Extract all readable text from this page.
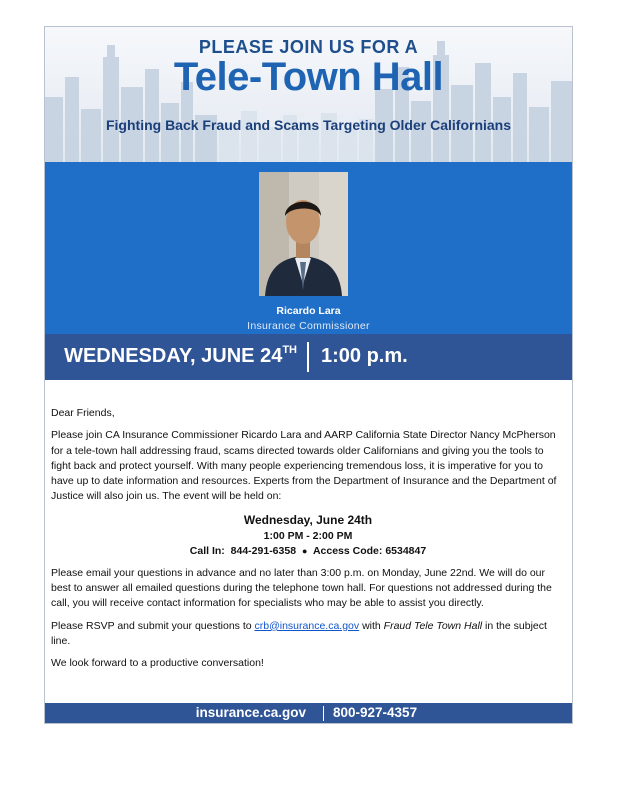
PLEASE JOIN US FOR A
Tele-Town Hall
Fighting Back Fraud and Scams Targeting Older Californians
Ricardo Lara
Insurance Commissioner
WEDNESDAY, JUNE 24TH 1:00 p.m.

Dear Friends,

Please join CA Insurance Commissioner Ricardo Lara and AARP California State Director Nancy McPherson for a tele-town hall addressing fraud, scams directed towards older Californians and giving you the tools to fight back and protect yourself. With many people experiencing tremendous loss, it is imperative for you to have up to date information and resources. Experts from the Department of Insurance and the Department of Justice will also join us. The event will be held on:

Wednesday, June 24th
1:00 PM - 2:00 PM
Call In: 844-291-6358 ● Access Code: 6534847

Please email your questions in advance and no later than 3:00 p.m. on Monday, June 22nd. We will do our best to answer all emailed questions during the telephone town hall. For questions not addressed during the call, you will receive contact information for specialists who may be able to assist you directly.

Please RSVP and submit your questions to crb@insurance.ca.gov with Fraud Tele Town Hall in the subject line.

We look forward to a productive conversation!

insurance.ca.gov 800-927-4357
